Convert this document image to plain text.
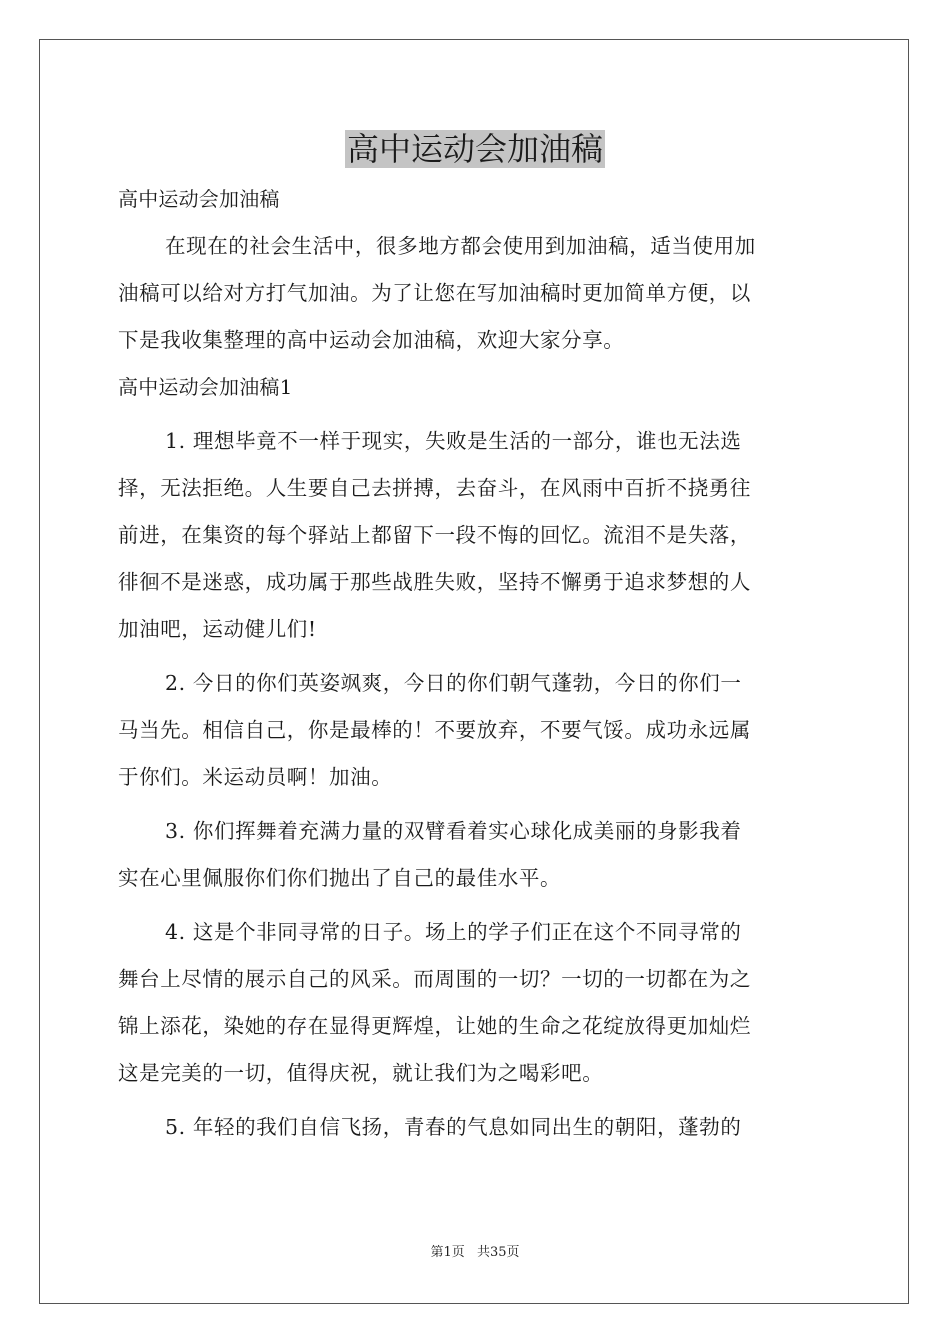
高中运动会加油稿
高中运动会加油稿
在现在的社会生活中，很多地方都会使用到加油稿，适当使用加
油稿可以给对方打气加油。为了让您在写加油稿时更加简单方便，以
下是我收集整理的高中运动会加油稿，欢迎大家分享。
高中运动会加油稿1
1. 理想毕竟不一样于现实，失败是生活的一部分，谁也无法选
择，无法拒绝。人生要自己去拼搏，去奋斗，在风雨中百折不挠勇往
前进，在集资的每个驿站上都留下一段不悔的回忆。流泪不是失落，
徘徊不是迷惑，成功属于那些战胜失败，坚持不懈勇于追求梦想的人
加油吧，运动健儿们!
2. 今日的你们英姿飒爽，今日的你们朝气蓬勃，今日的你们一
马当先。相信自己，你是最棒的！不要放弃，不要气馁。成功永远属
于你们。米运动员啊！加油。
3. 你们挥舞着充满力量的双臂看着实心球化成美丽的身影我着
实在心里佩服你们你们抛出了自己的最佳水平。
4. 这是个非同寻常的日子。场上的学子们正在这个不同寻常的
舞台上尽情的展示自己的风采。而周围的一切？一切的一切都在为之
锦上添花，染她的存在显得更辉煌，让她的生命之花绽放得更加灿烂
这是完美的一切，值得庆祝，就让我们为之喝彩吧。
5. 年轻的我们自信飞扬，青春的气息如同出生的朝阳，蓬勃的
第1页 共35页
